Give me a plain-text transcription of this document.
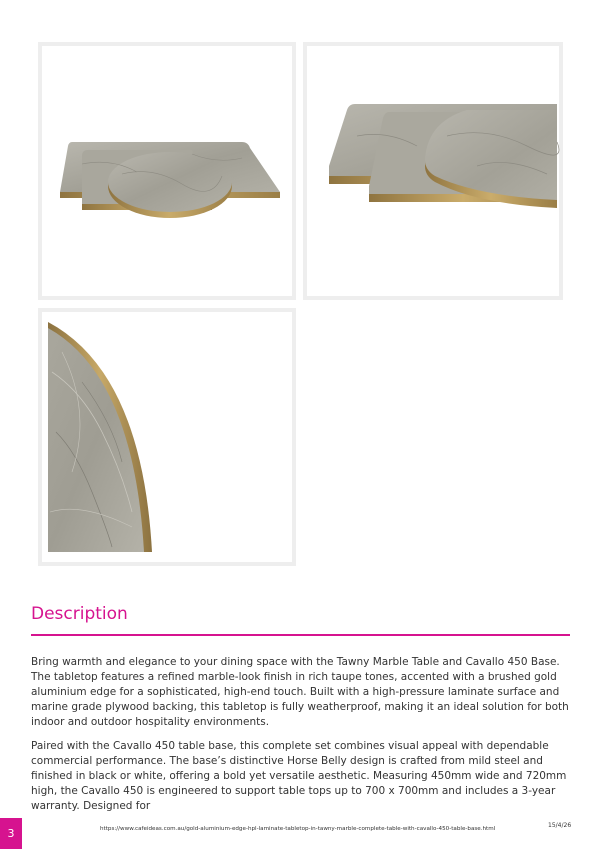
Description

Bring warmth and elegance to your dining space with the Tawny Marble Table and Cavallo 450 Base. The tabletop features a refined marble-look finish in rich taupe tones, accented with a brushed gold aluminium edge for a sophisticated, high-end touch. Built with a high-pressure laminate surface and marine grade plywood backing, this tabletop is fully weatherproof, making it an ideal solution for both indoor and outdoor hospitality environments.

Paired with the Cavallo 450 table base, this complete set combines visual appeal with dependable commercial performance. The base’s distinctive Horse Belly design is crafted from mild steel and finished in black or white, offering a bold yet versatile aesthetic. Measuring 450mm wide and 720mm high, the Cavallo 450 is engineered to support table tops up to 700 x 700mm and includes a 3-year warranty. Designed for

3	https://www.cafeideas.com.au/gold-aluminium-edge-hpl-laminate-tabletop-in-tawny-marble-complete-table-with-cavallo-450-table-base.html	15/4/26
